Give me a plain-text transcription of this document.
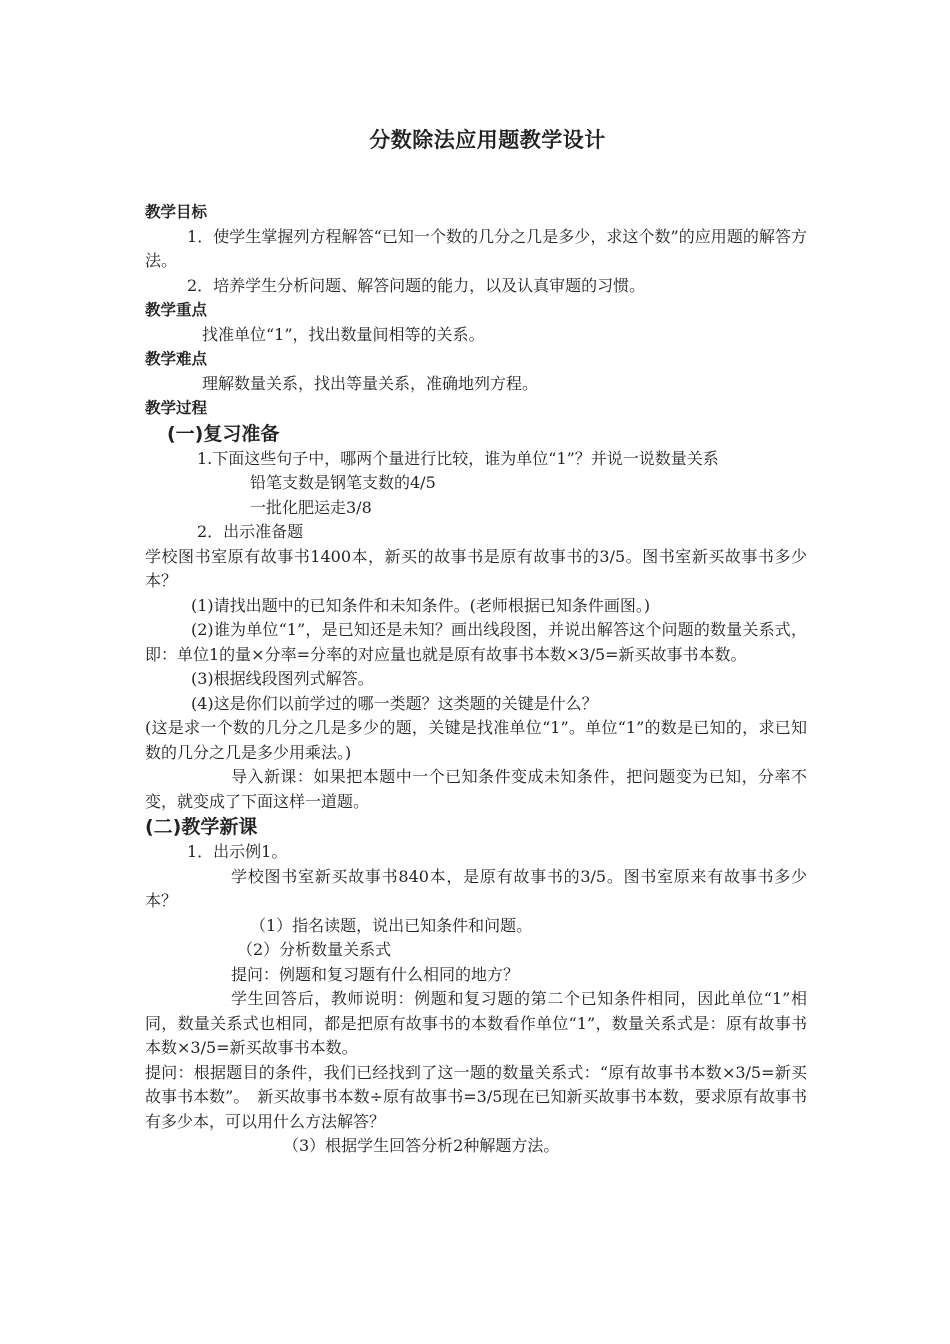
分数除法应用题教学设计

教学目标

1．使学生掌握列方程解答“已知一个数的几分之几是多少，求这个数”的应用题的解答方法。

2．培养学生分析问题、解答问题的能力，以及认真审题的习惯。

教学重点

找准单位“1”，找出数量间相等的关系。

教学难点

理解数量关系，找出等量关系，准确地列方程。

教学过程

(一)复习准备

1.下面这些句子中，哪两个量进行比较，谁为单位“1”？并说一说数量关系

铅笔支数是钢笔支数的4/5

一批化肥运走3/8

2．出示准备题

学校图书室原有故事书1400本，新买的故事书是原有故事书的3/5。图书室新买故事书多少本？

(1)请找出题中的已知条件和未知条件。(老师根据已知条件画图。)

(2)谁为单位“1”，是已知还是未知？画出线段图，并说出解答这个问题的数量关系式，即：单位1的量×分率=分率的对应量也就是原有故事书本数×3/5=新买故事书本数。

(3)根据线段图列式解答。

(4)这是你们以前学过的哪一类题？这类题的关键是什么？

(这是求一个数的几分之几是多少的题，关键是找准单位“1”。单位“1”的数是已知的，求已知数的几分之几是多少用乘法。)

导入新课：如果把本题中一个已知条件变成未知条件，把问题变为已知，分率不变，就变成了下面这样一道题。

(二)教学新课

1．出示例1。

学校图书室新买故事书840本，是原有故事书的3/5。图书室原来有故事书多少本？

（1）指名读题，说出已知条件和问题。

（2）分析数量关系式

提问：例题和复习题有什么相同的地方？

学生回答后，教师说明：例题和复习题的第二个已知条件相同，因此单位“1”相同，数量关系式也相同，都是把原有故事书的本数看作单位“1”，数量关系式是：原有故事书本数×3/5=新买故事书本数。

提问：根据题目的条件，我们已经找到了这一题的数量关系式：“原有故事书本数×3/5=新买故事书本数”。　新买故事书本数÷原有故事书=3/5现在已知新买故事书本数，要求原有故事书有多少本，可以用什么方法解答？

（3）根据学生回答分析2种解题方法。
